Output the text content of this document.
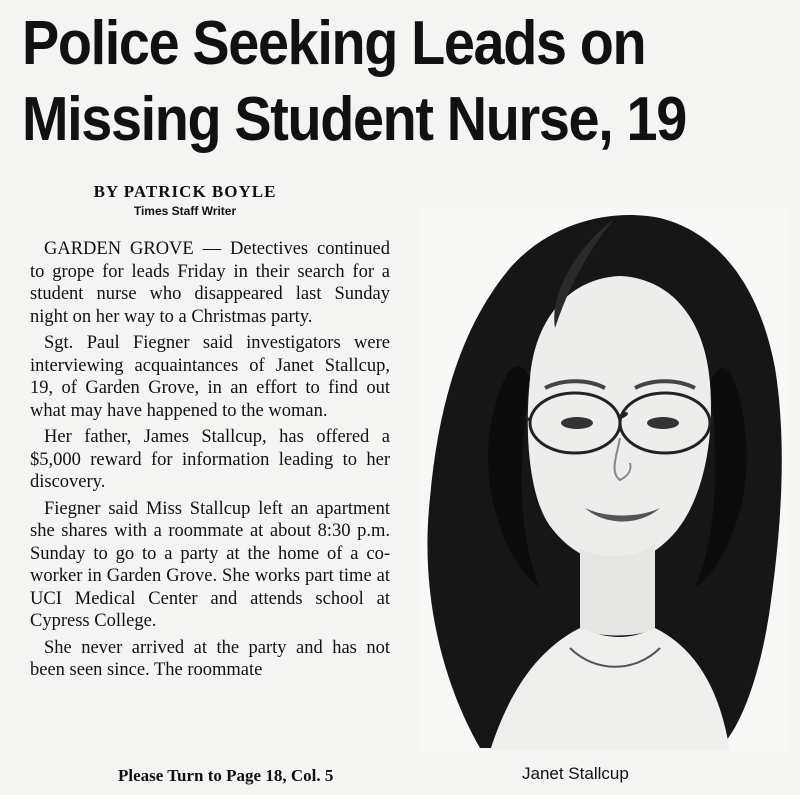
Police Seeking Leads on
Missing Student Nurse, 19
BY PATRICK BOYLE
Times Staff Writer

GARDEN GROVE — Detectives continued to grope for leads Friday in their search for a student nurse who disappeared last Sunday night on her way to a Christmas party.

Sgt. Paul Fiegner said investigators were interviewing acquaintances of Janet Stallcup, 19, of Garden Grove, in an effort to find out what may have happened to the woman.

Her father, James Stallcup, has offered a $5,000 reward for information leading to her discovery.

Fiegner said Miss Stallcup left an apartment she shares with a roommate at about 8:30 p.m. Sunday to go to a party at the home of a co-worker in Garden Grove. She works part time at UCI Medical Center and attends school at Cypress College.

She never arrived at the party and has not been seen since. The roommate

Please Turn to Page 18, Col. 5	Janet Stallcup
